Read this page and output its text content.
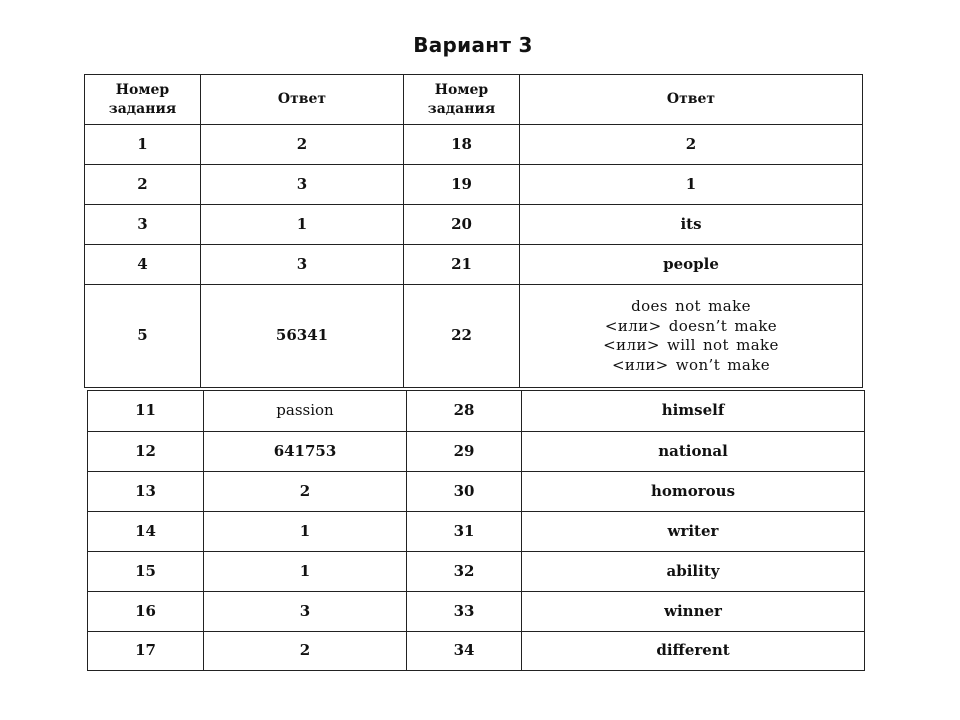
Вариант 3
Номер задания	Ответ	Номер задания	Ответ
1	2	18	2
2	3	19	1
3	1	20	its
4	3	21	people
5	56341	22	does not make
<или> doesn’t make
<или> will not make
<или> won’t make
11	passion	28	himself
12	641753	29	national
13	2	30	homorous
14	1	31	writer
15	1	32	ability
16	3	33	winner
17	2	34	different
